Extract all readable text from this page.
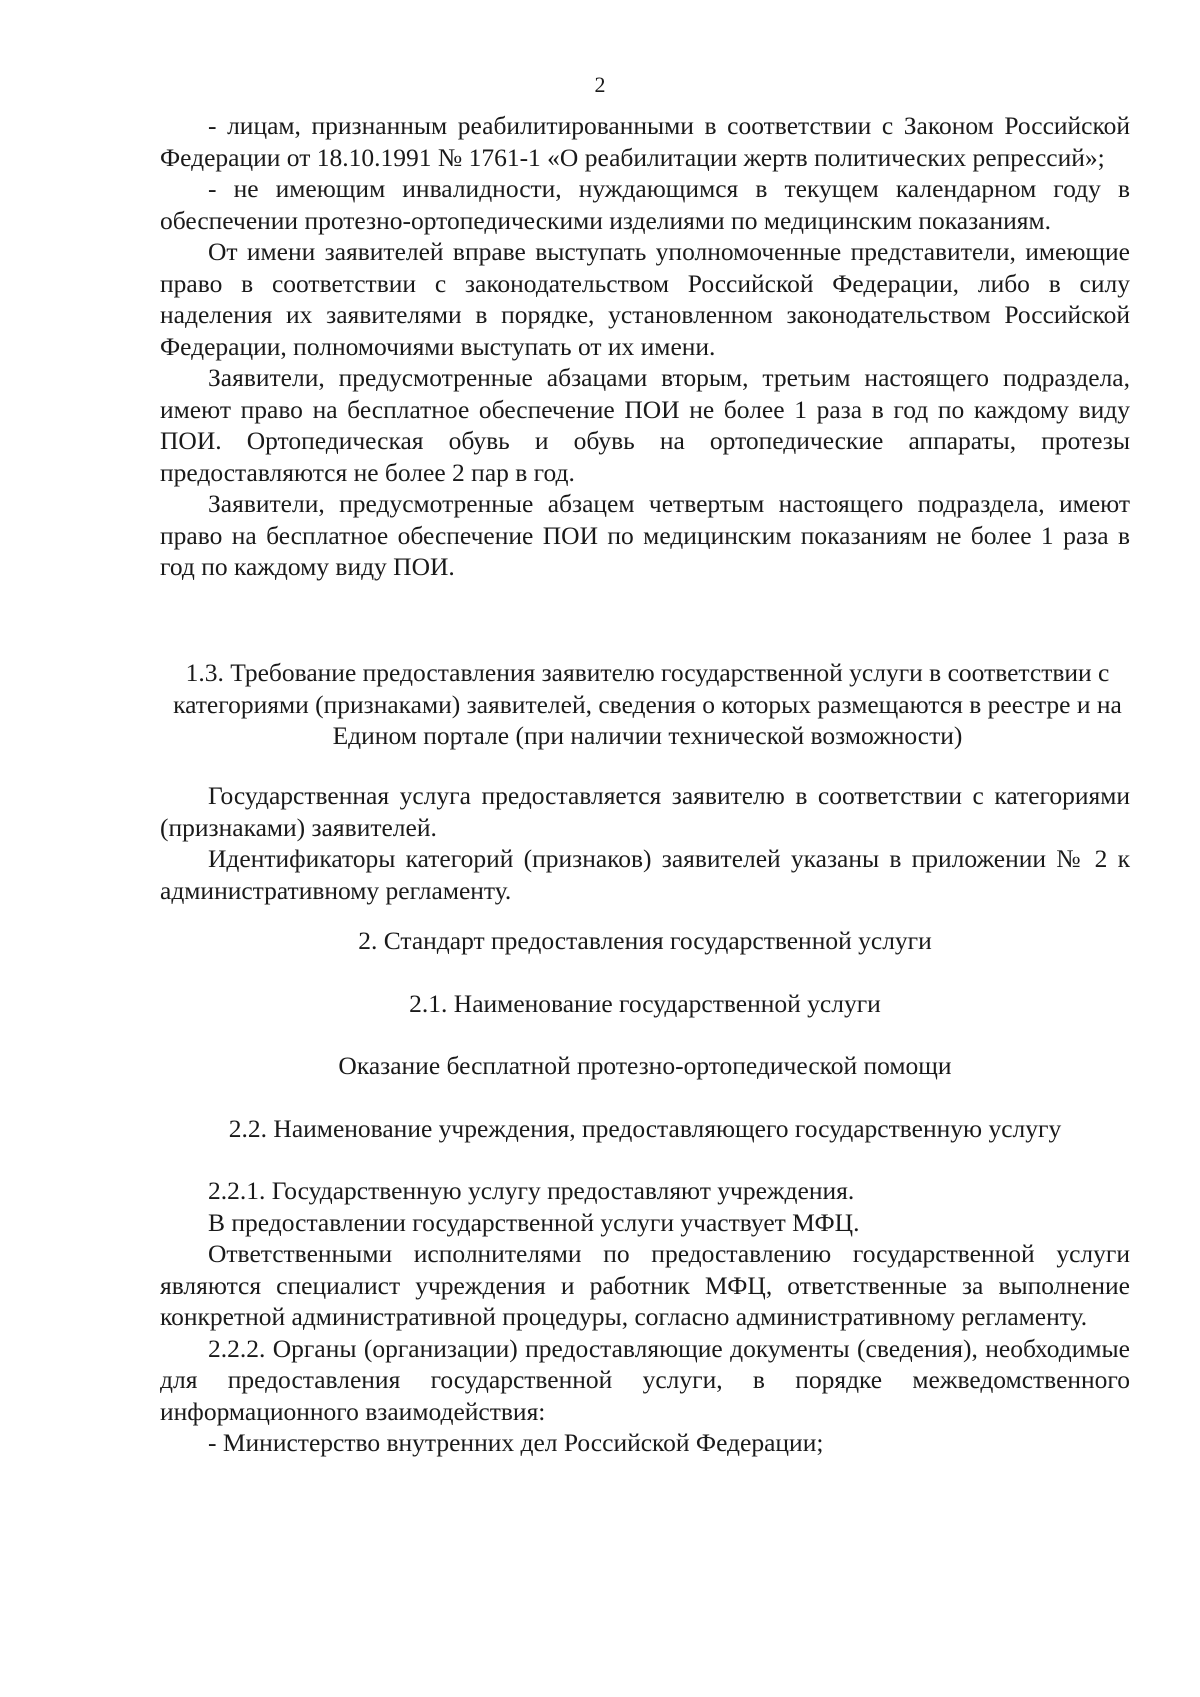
2

- лицам, признанным реабилитированными в соответствии с Законом Российской Федерации от 18.10.1991 № 1761-1 «О реабилитации жертв политических репрессий»;

- не имеющим инвалидности, нуждающимся в текущем календарном году в обеспечении протезно-ортопедическими изделиями по медицинским показаниям.

От имени заявителей вправе выступать уполномоченные представители, имеющие право в соответствии с законодательством Российской Федерации, либо в силу наделения их заявителями в порядке, установленном законодательством Российской Федерации, полномочиями выступать от их имени.

Заявители, предусмотренные абзацами вторым, третьим настоящего подраздела, имеют право на бесплатное обеспечение ПОИ не более 1 раза в год по каждому виду ПОИ. Ортопедическая обувь и обувь на ортопедические аппараты, протезы предоставляются не более 2 пар в год.

Заявители, предусмотренные абзацем четвертым настоящего подраздела, имеют право на бесплатное обеспечение ПОИ по медицинским показаниям не более 1 раза в год по каждому виду ПОИ.

1.3. Требование предоставления заявителю государственной услуги в соответствии с категориями (признаками) заявителей, сведения о которых размещаются в реестре и на Едином портале (при наличии технической возможности)

Государственная услуга предоставляется заявителю в соответствии с категориями (признаками) заявителей.

Идентификаторы категорий (признаков) заявителей указаны в приложении № 2 к административному регламенту.

2. Стандарт предоставления государственной услуги

2.1. Наименование государственной услуги

Оказание бесплатной протезно-ортопедической помощи

2.2. Наименование учреждения, предоставляющего государственную услугу

2.2.1. Государственную услугу предоставляют учреждения.

В предоставлении государственной услуги участвует МФЦ.

Ответственными исполнителями по предоставлению государственной услуги являются специалист учреждения и работник МФЦ, ответственные за выполнение конкретной административной процедуры, согласно административному регламенту.

2.2.2. Органы (организации) предоставляющие документы (сведения), необходимые для предоставления государственной услуги, в порядке межведомственного информационного взаимодействия:

- Министерство внутренних дел Российской Федерации;
